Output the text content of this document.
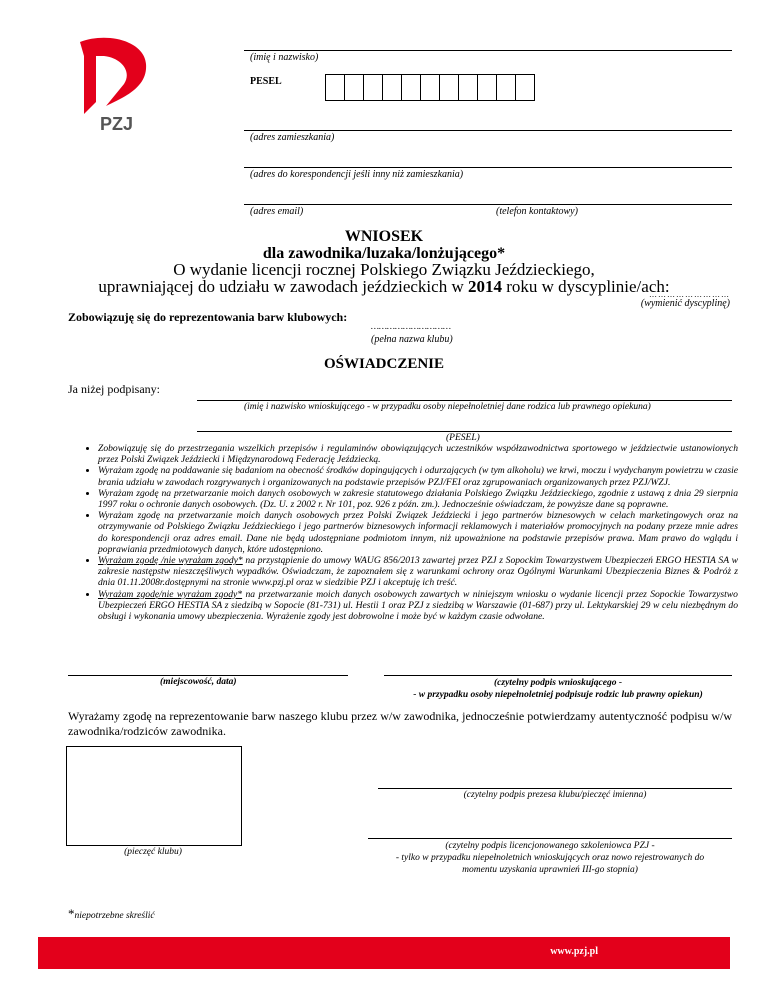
PZJ
(imię i nazwisko)
PESEL
(adres zamieszkania)
(adres do korespondencji jeśli inny niż zamieszkania)
(adres email)	(telefon kontaktowy)
WNIOSEK
dla zawodnika/luzaka/lonżującego*
O wydanie licencji rocznej Polskiego Związku Jeździeckiego,
uprawniającej do udziału w zawodach jeździeckich w 2014 roku w dyscyplinie/ach:
………………………
(wymienić dyscyplinę)
Zobowiązuję się do reprezentowania barw klubowych:
…………………………
(pełna nazwa klubu)
OŚWIADCZENIE
Ja niżej podpisany:
(imię i nazwisko wnioskującego - w przypadku osoby niepełnoletniej dane rodzica lub prawnego opiekuna)
(PESEL)
• Zobowiązuję się do przestrzegania wszelkich przepisów i regulaminów obowiązujących uczestników współzawodnictwa sportowego w jeździectwie ustanowionych przez Polski Związek Jeździecki i Międzynarodową Federację Jeździecką.
• Wyrażam zgodę na poddawanie się badaniom na obecność środków dopingujących i odurzających (w tym alkoholu) we krwi, moczu i wydychanym powietrzu w czasie brania udziału w zawodach rozgrywanych i organizowanych na podstawie przepisów PZJ/FEI oraz zgrupowaniach organizowanych przez PZJ/WZJ.
• Wyrażam zgodę na przetwarzanie moich danych osobowych w zakresie statutowego działania Polskiego Związku Jeździeckiego, zgodnie z ustawą z dnia 29 sierpnia 1997 roku o ochronie danych osobowych. (Dz. U. z 2002 r. Nr 101, poz. 926 z późn. zm.). Jednocześnie oświadczam, że powyższe dane są poprawne.
• Wyrażam zgodę na przetwarzanie moich danych osobowych przez Polski Związek Jeździecki i jego partnerów biznesowych w celach marketingowych oraz na otrzymywanie od Polskiego Związku Jeździeckiego i jego partnerów biznesowych informacji reklamowych i materiałów promocyjnych na podany przeze mnie adres do korespondencji oraz adres email. Dane nie będą udostępniane podmiotom innym, niż upoważnione na podstawie przepisów prawa. Mam prawo do wglądu i poprawiania przedmiotowych danych, które udostępniono.
• Wyrażam zgodę /nie wyrażam zgody* na przystąpienie do umowy WAUG 856/2013 zawartej przez PZJ z Sopockim Towarzystwem Ubezpieczeń ERGO HESTIA SA w zakresie następstw nieszczęśliwych wypadków. Oświadczam, że zapoznałem się z warunkami ochrony oraz Ogólnymi Warunkami Ubezpieczenia Biznes & Podróż z dnia 01.11.2008r.dostępnymi na stronie www.pzj.pl oraz w siedzibie PZJ i akceptuję ich treść.
• Wyrażam zgodę/nie wyrażam zgody* na przetwarzanie moich danych osobowych zawartych w niniejszym wniosku o wydanie licencji przez Sopockie Towarzystwo Ubezpieczeń ERGO HESTIA SA z siedzibą w Sopocie (81-731) ul. Hestii 1 oraz PZJ z siedzibą w Warszawie (01-687) przy ul. Lektykarskiej 29 w celu niezbędnym do obsługi i wykonania umowy ubezpieczenia. Wyrażenie zgody jest dobrowolne i może być w każdym czasie odwołane.
(miejscowość, data)	(czytelny podpis wnioskującego -
- w przypadku osoby niepełnoletniej podpisuje rodzic lub prawny opiekun)
Wyrażamy zgodę na reprezentowanie barw naszego klubu przez w/w zawodnika, jednocześnie potwierdzamy autentyczność podpisu w/w zawodnika/rodziców zawodnika.
(czytelny podpis prezesa klubu/pieczęć imienna)
(pieczęć klubu)
(czytelny podpis licencjonowanego szkoleniowca PZJ -
- tylko w przypadku niepełnoletnich wnioskujących oraz nowo rejestrowanych do
momentu uzyskania uprawnień III-go stopnia)
*niepotrzebne skreślić
www.pzj.pl
